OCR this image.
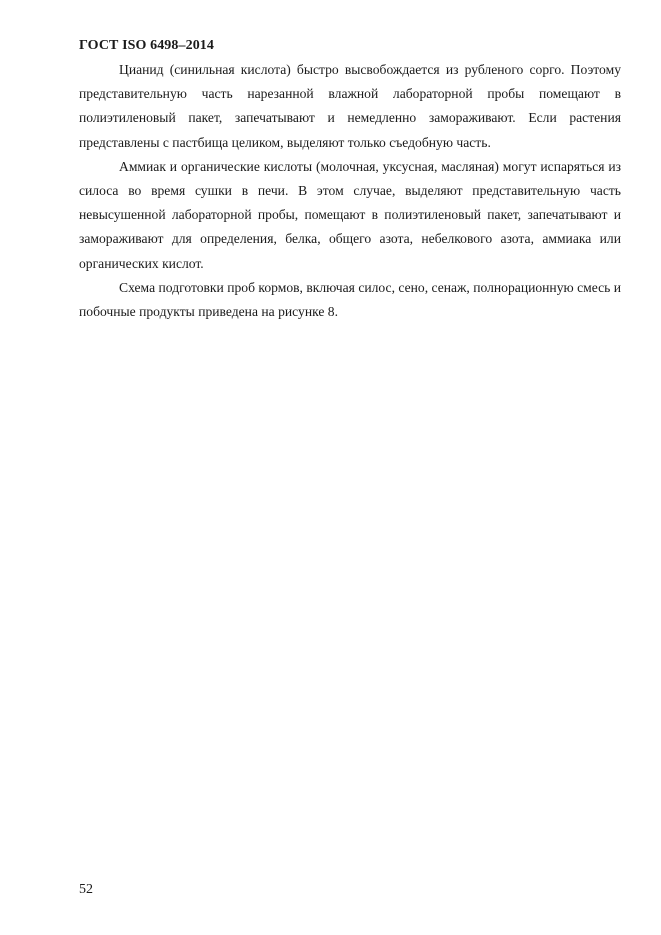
ГОСТ ISO 6498–2014

Цианид (синильная кислота) быстро высвобождается из рубленого сорго. Поэтому представительную часть нарезанной влажной лабораторной пробы помещают в полиэтиленовый пакет, запечатывают и немедленно замораживают. Если растения представлены с пастбища целиком, выделяют только съедобную часть.

Аммиак и органические кислоты (молочная, уксусная, масляная) могут испаряться из силоса во время сушки в печи. В этом случае, выделяют представительную часть невысушенной лабораторной пробы, помещают в полиэтиленовый пакет, запечатывают и замораживают для определения, белка, общего азота, небелкового азота, аммиака или органических кислот.

Схема подготовки проб кормов, включая силос, сено, сенаж, полнорационную смесь и побочные продукты приведена на рисунке 8.

52
